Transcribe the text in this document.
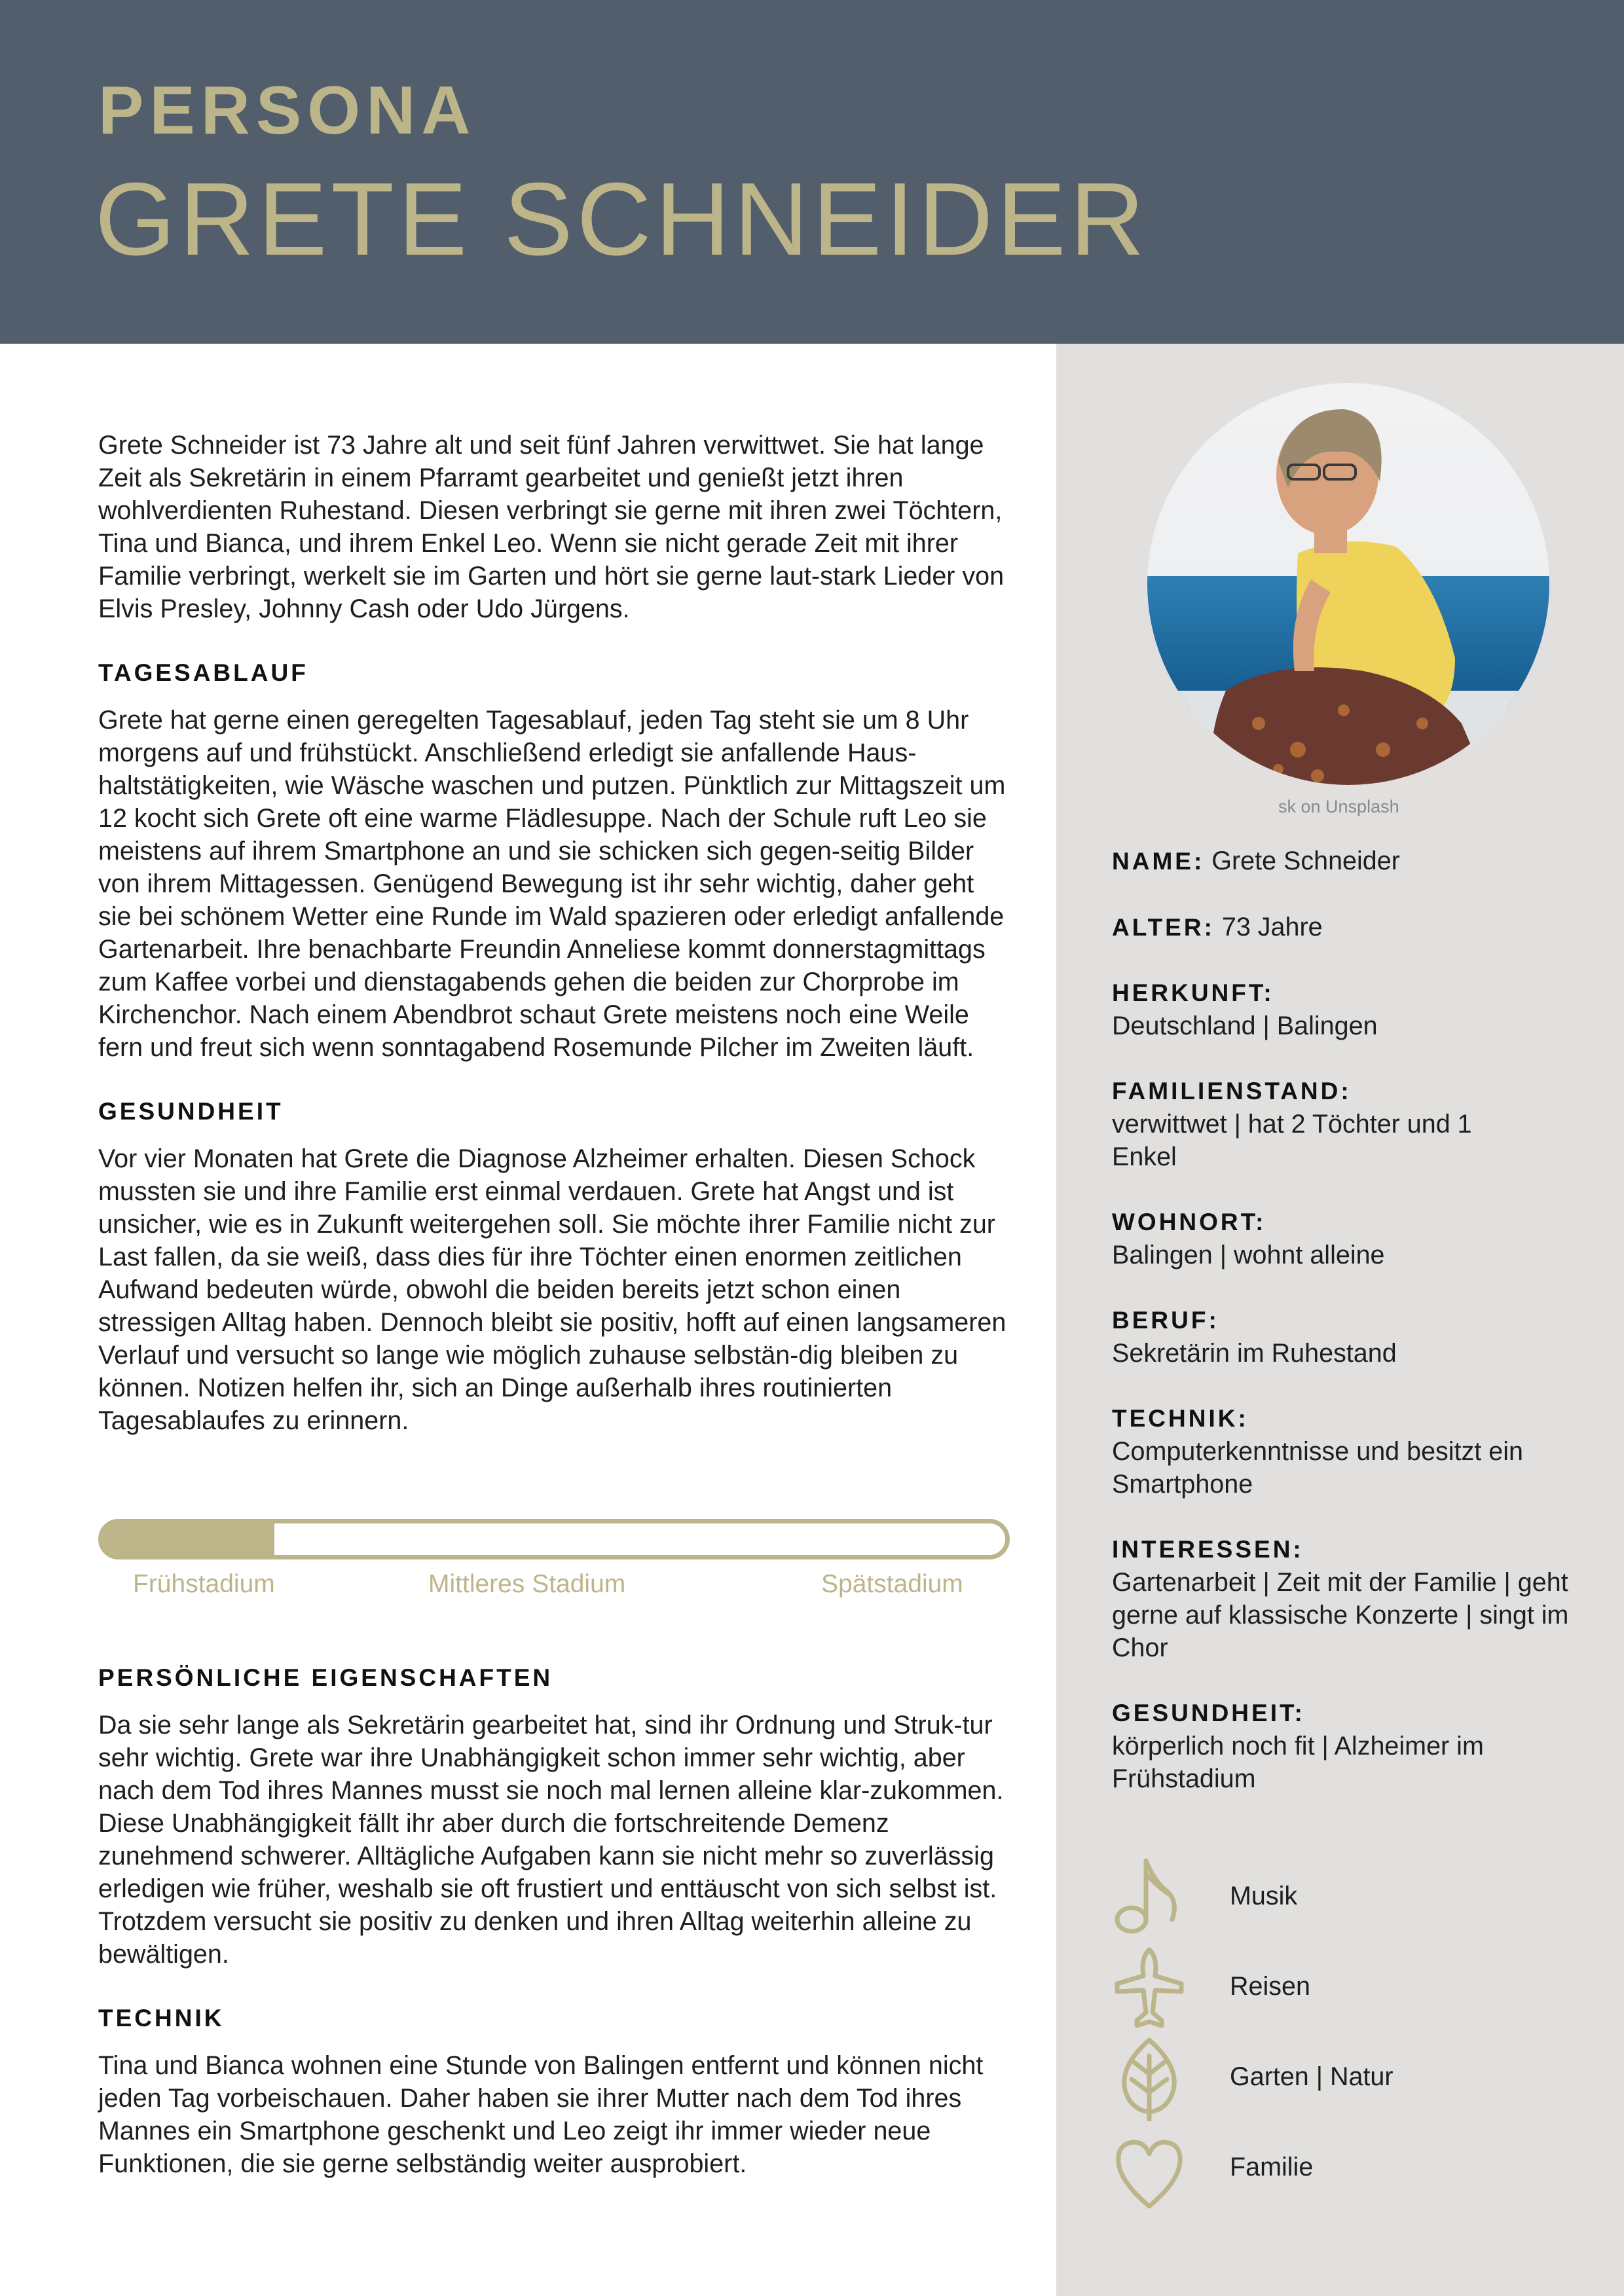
PERSONA
GRETE SCHNEIDER

Grete Schneider ist 73 Jahre alt und seit fünf Jahren verwittwet. Sie hat lange Zeit als Sekretärin in einem Pfarramt gearbeitet und genießt jetzt ihren wohlverdienten Ruhestand. Diesen verbringt sie gerne mit ihren zwei Töchtern, Tina und Bianca, und ihrem Enkel Leo. Wenn sie nicht gerade Zeit mit ihrer Familie verbringt, werkelt sie im Garten und hört sie gerne laut-stark Lieder von Elvis Presley, Johnny Cash oder Udo Jürgens.

TAGESABLAUF

Grete hat gerne einen geregelten Tagesablauf, jeden Tag steht sie um 8 Uhr morgens auf und frühstückt. Anschließend erledigt sie anfallende Haus-haltstätigkeiten, wie Wäsche waschen und putzen. Pünktlich zur Mittagszeit um 12 kocht sich Grete oft eine warme Flädlesuppe. Nach der Schule ruft Leo sie meistens auf ihrem Smartphone an und sie schicken sich gegen-seitig Bilder von ihrem Mittagessen. Genügend Bewegung ist ihr sehr wichtig, daher geht sie bei schönem Wetter eine Runde im Wald spazieren oder erledigt anfallende Gartenarbeit. Ihre benachbarte Freundin Anneliese kommt donnerstagmittags zum Kaffee vorbei und dienstagabends gehen die beiden zur Chorprobe im Kirchenchor. Nach einem Abendbrot schaut Grete meistens noch eine Weile fern und freut sich wenn sonntagabend Rosemunde Pilcher im Zweiten läuft.

GESUNDHEIT

Vor vier Monaten hat Grete die Diagnose Alzheimer erhalten. Diesen Schock mussten sie und ihre Familie erst einmal verdauen. Grete hat Angst und ist unsicher, wie es in Zukunft weitergehen soll. Sie möchte ihrer Familie nicht zur Last fallen, da sie weiß, dass dies für ihre Töchter einen enormen zeitlichen Aufwand bedeuten würde, obwohl die beiden bereits jetzt schon einen stressigen Alltag haben. Dennoch bleibt sie positiv, hofft auf einen langsameren Verlauf und versucht so lange wie möglich zuhause selbstän-dig bleiben zu können. Notizen helfen ihr, sich an Dinge außerhalb ihres routinierten Tagesablaufes zu erinnern.

Frühstadium	Mittleres Stadium	Spätstadium
PERSÖNLICHE EIGENSCHAFTEN

Da sie sehr lange als Sekretärin gearbeitet hat, sind ihr Ordnung und Struk-tur sehr wichtig. Grete war ihre Unabhängigkeit schon immer sehr wichtig, aber nach dem Tod ihres Mannes musst sie noch mal lernen alleine klar-zukommen. Diese Unabhängigkeit fällt ihr aber durch die fortschreitende Demenz zunehmend schwerer. Alltägliche Aufgaben kann sie nicht mehr so zuverlässig erledigen wie früher, weshalb sie oft frustiert und enttäuscht von sich selbst ist. Trotzdem versucht sie positiv zu denken und ihren Alltag weiterhin alleine zu bewältigen.

TECHNIK

Tina und Bianca wohnen eine Stunde von Balingen entfernt und können nicht jeden Tag vorbeischauen. Daher haben sie ihrer Mutter nach dem Tod ihres Mannes ein Smartphone geschenkt und Leo zeigt ihr immer wieder neue Funktionen, die sie gerne selbständig weiter ausprobiert.

sk on Unsplash
NAME: Grete Schneider
ALTER: 73 Jahre
HERKUNFT:
Deutschland | Balingen
FAMILIENSTAND:
verwittwet | hat 2 Töchter und 1 Enkel
WOHNORT:
Balingen | wohnt alleine
BERUF:
Sekretärin im Ruhestand
TECHNIK:
Computerkenntnisse und besitzt ein Smartphone
INTERESSEN:
Gartenarbeit | Zeit mit der Familie | geht gerne auf klassische Konzerte | singt im Chor
GESUNDHEIT:
körperlich noch fit | Alzheimer im Frühstadium
Musik
Reisen
Garten | Natur
Familie
